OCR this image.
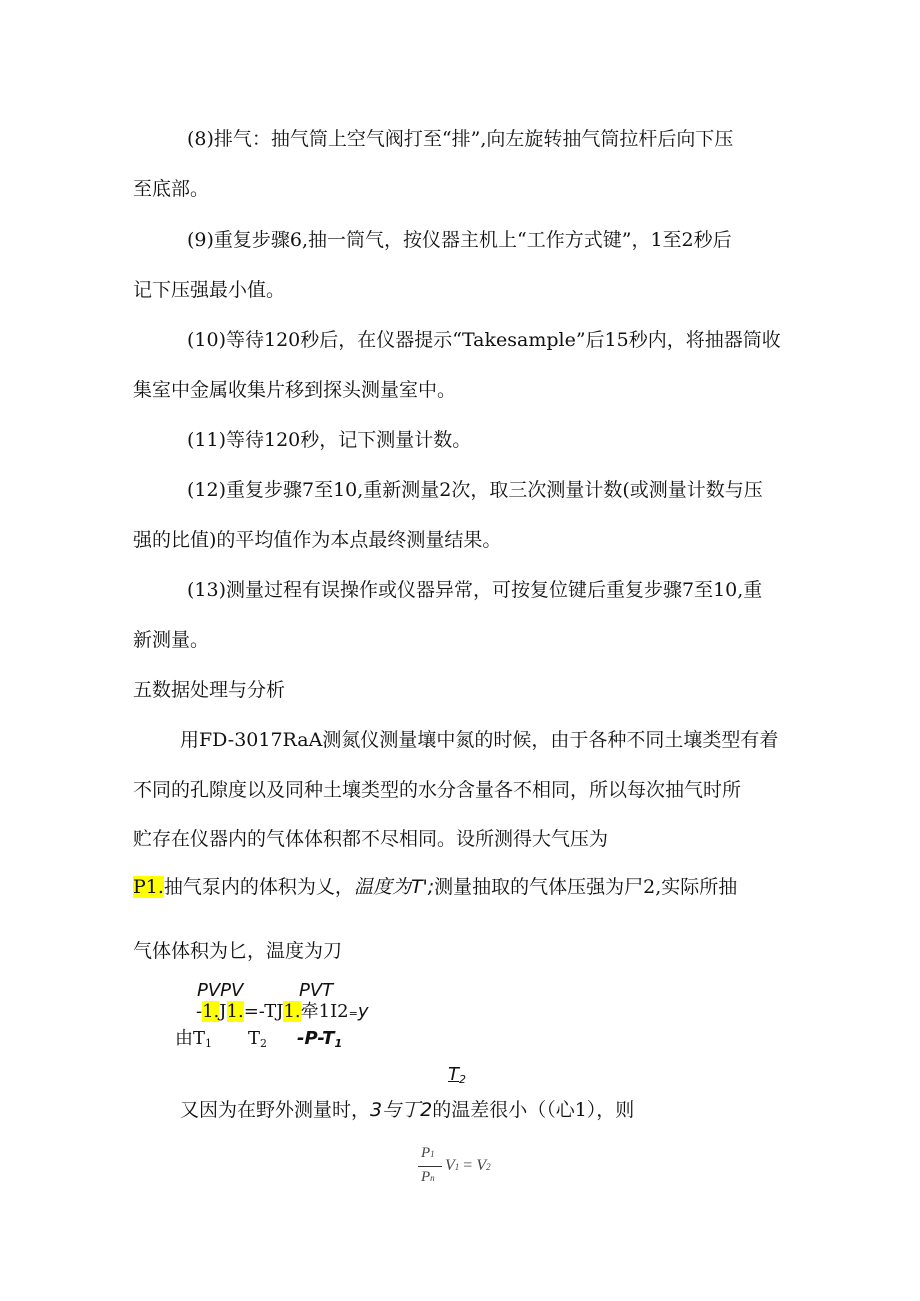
(8)排气：抽气筒上空气阀打至“排”,向左旋转抽气筒拉杆后向下压
至底部。
(9)重复步骤6,抽一筒气，按仪器主机上“工作方式键”，1至2秒后
记下压强最小值。
(10)等待120秒后，在仪器提示“Takesample”后15秒内，将抽器筒收
集室中金属收集片移到探头测量室中。
(11)等待120秒，记下测量计数。
(12)重复步骤7至10,重新测量2次，取三次测量计数(或测量计数与压
强的比值)的平均值作为本点最终测量结果。
(13)测量过程有误操作或仪器异常，可按复位键后重复步骤7至10,重
新测量。
五数据处理与分析
用FD-3017RaA测氮仪测量壤中氮的时候，由于各种不同土壤类型有着
不同的孔隙度以及同种土壤类型的水分含量各不相同，所以每次抽气时所
贮存在仪器内的气体体积都不尽相同。设所测得大气压为
P1.抽气泵内的体积为乂，温度为T';测量抽取的气体压强为尸2,实际所抽
气体体积为匕，温度为刀
PVPV	PVT
-1.J1.=-TJ1.牵1I2=y
由$T_1$ $T_2$ $-P-T_1$
$T_2$
又因为在野外测量时，3与丁2的温差很小（（心1），则
P1
Pn
V1 = V2
